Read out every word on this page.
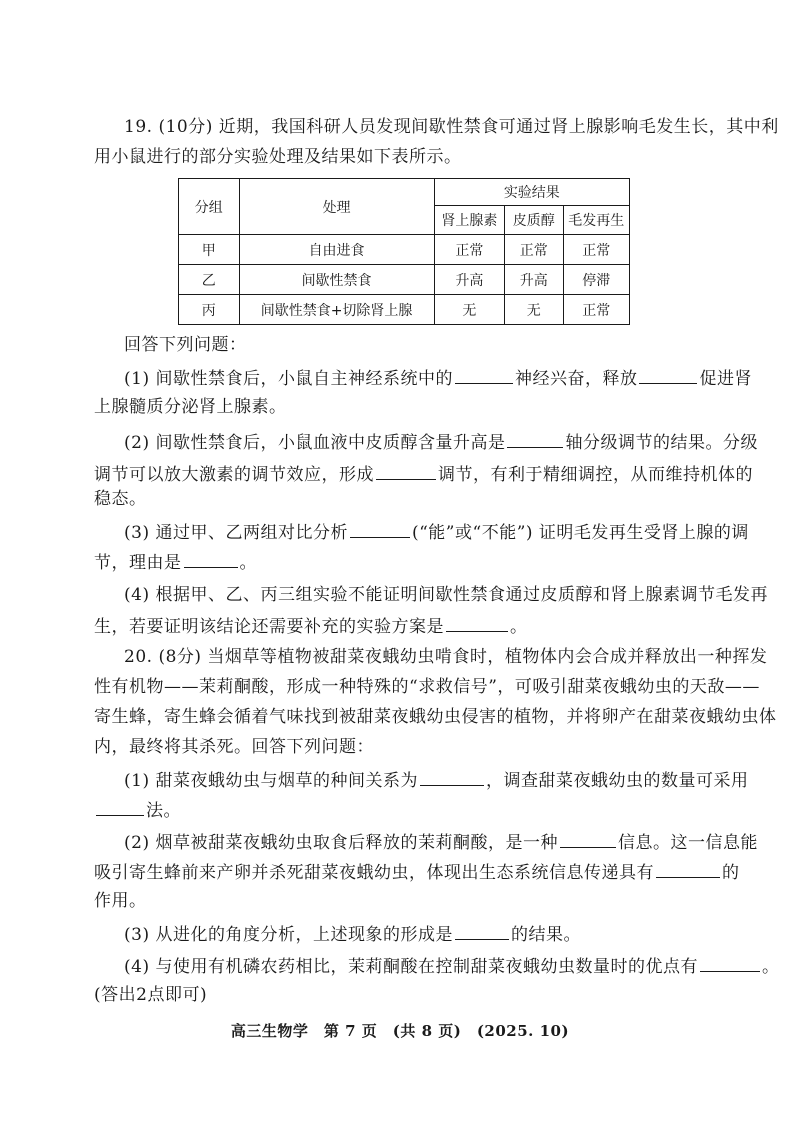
19. (10分) 近期，我国科研人员发现间歇性禁食可通过肾上腺影响毛发生长，其中利
用小鼠进行的部分实验处理及结果如下表所示。
分组	处理	实验结果		
		肾上腺素	皮质醇	毛发再生
甲	自由进食	正常	正常	正常
乙	间歇性禁食	升高	升高	停滞
丙	间歇性禁食+切除肾上腺	无	无	正常
回答下列问题：
(1) 间歇性禁食后，小鼠自主神经系统中的	神经兴奋，释放	促进肾
上腺髓质分泌肾上腺素。
(2) 间歇性禁食后，小鼠血液中皮质醇含量升高是	轴分级调节的结果。分级
调节可以放大激素的调节效应，形成	调节，有利于精细调控，从而维持机体的
稳态。
(3) 通过甲、乙两组对比分析	(“能”或“不能”) 证明毛发再生受肾上腺的调
节，理由是	。
(4) 根据甲、乙、丙三组实验不能证明间歇性禁食通过皮质醇和肾上腺素调节毛发再
生，若要证明该结论还需要补充的实验方案是	。
20. (8分) 当烟草等植物被甜菜夜蛾幼虫啃食时，植物体内会合成并释放出一种挥发
性有机物——茉莉酮酸，形成一种特殊的“求救信号”，可吸引甜菜夜蛾幼虫的天敌——
寄生蜂，寄生蜂会循着气味找到被甜菜夜蛾幼虫侵害的植物，并将卵产在甜菜夜蛾幼虫体
内，最终将其杀死。回答下列问题：
(1) 甜菜夜蛾幼虫与烟草的种间关系为	，调查甜菜夜蛾幼虫的数量可采用
法。
(2) 烟草被甜菜夜蛾幼虫取食后释放的茉莉酮酸，是一种	信息。这一信息能
吸引寄生蜂前来产卵并杀死甜菜夜蛾幼虫，体现出生态系统信息传递具有	的
作用。
(3) 从进化的角度分析，上述现象的形成是	的结果。
(4) 与使用有机磷农药相比，茉莉酮酸在控制甜菜夜蛾幼虫数量时的优点有	。
(答出2点即可)
高三生物学　第 7 页　(共 8 页)　(2025. 10)
